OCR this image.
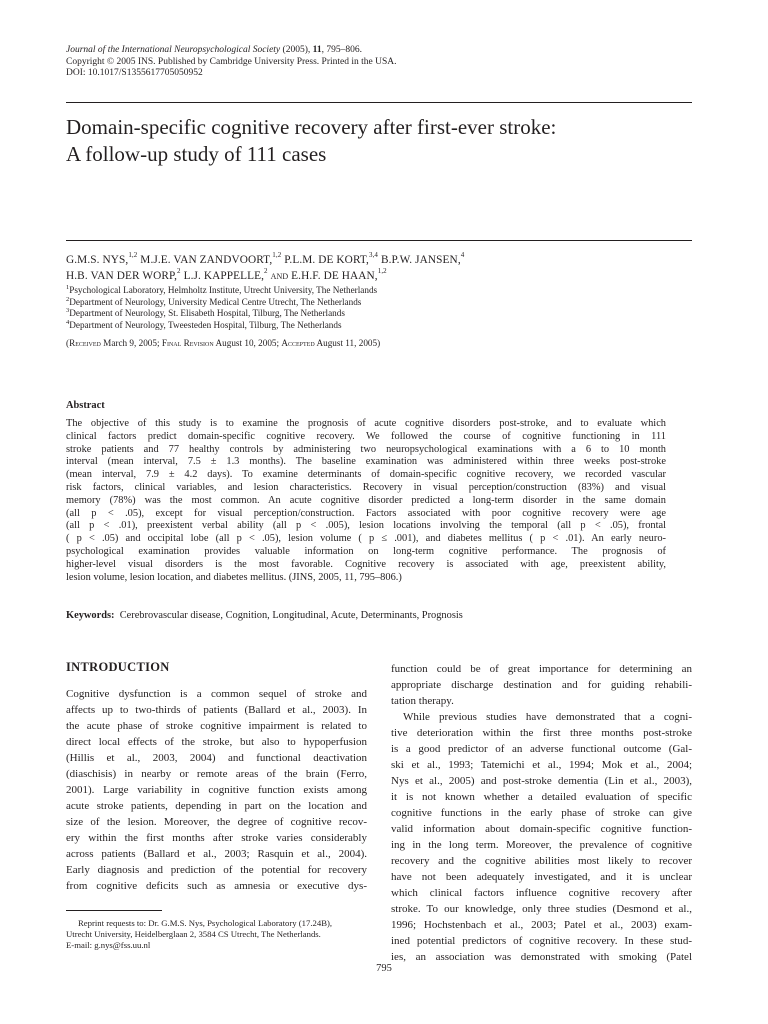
Journal of the International Neuropsychological Society (2005), 11, 795–806.
Copyright © 2005 INS. Published by Cambridge University Press. Printed in the USA.
DOI: 10.1017/S1355617705050952
Domain-specific cognitive recovery after first-ever stroke:
A follow-up study of 111 cases
G.M.S. NYS,$^{1,2}$ M.J.E. VAN ZANDVOORT,$^{1,2}$ P.L.M. DE KORT,$^{3,4}$ B.P.W. JANSEN,$^4$
H.B. VAN DER WORP,$^2$ L.J. KAPPELLE,$^2$ and E.H.F. DE HAAN,$^{1,2}$
$^1$Psychological Laboratory, Helmholtz Institute, Utrecht University, The Netherlands
$^2$Department of Neurology, University Medical Centre Utrecht, The Netherlands
$^3$Department of Neurology, St. Elisabeth Hospital, Tilburg, The Netherlands
$^4$Department of Neurology, Tweesteden Hospital, Tilburg, The Netherlands
(Received March 9, 2005; Final Revision August 10, 2005; Accepted August 11, 2005)
Abstract
The objective of this study is to examine the prognosis of acute cognitive disorders post-stroke, and to evaluate which
clinical factors predict domain-specific cognitive recovery. We followed the course of cognitive functioning in 111
stroke patients and 77 healthy controls by administering two neuropsychological examinations with a 6 to 10 month
interval (mean interval, 7.5 ± 1.3 months). The baseline examination was administered within three weeks post-stroke
(mean interval, 7.9 ± 4.2 days). To examine determinants of domain-specific cognitive recovery, we recorded vascular
risk factors, clinical variables, and lesion characteristics. Recovery in visual perception/construction (83%) and visual
memory (78%) was the most common. An acute cognitive disorder predicted a long-term disorder in the same domain
(all p < .05), except for visual perception/construction. Factors associated with poor cognitive recovery were age
(all p < .01), preexistent verbal ability (all p < .005), lesion locations involving the temporal (all p < .05), frontal
( p < .05) and occipital lobe (all p < .05), lesion volume ( p ≤ .001), and diabetes mellitus ( p < .01). An early neuro-
psychological examination provides valuable information on long-term cognitive performance. The prognosis of
higher-level visual disorders is the most favorable. Cognitive recovery is associated with age, preexistent ability,
lesion volume, lesion location, and diabetes mellitus. (JINS, 2005, 11, 795–806.)
Keywords: Cerebrovascular disease, Cognition, Longitudinal, Acute, Determinants, Prognosis
INTRODUCTION
Cognitive dysfunction is a common sequel of stroke and
affects up to two-thirds of patients (Ballard et al., 2003). In
the acute phase of stroke cognitive impairment is related to
direct local effects of the stroke, but also to hypoperfusion
(Hillis et al., 2003, 2004) and functional deactivation
(diaschisis) in nearby or remote areas of the brain (Ferro,
2001). Large variability in cognitive function exists among
acute stroke patients, depending in part on the location and
size of the lesion. Moreover, the degree of cognitive recov-
ery within the first months after stroke varies considerably
across patients (Ballard et al., 2003; Rasquin et al., 2004).
Early diagnosis and prediction of the potential for recovery
from cognitive deficits such as amnesia or executive dys-
function could be of great importance for determining an
appropriate discharge destination and for guiding rehabili-
tation therapy.
While previous studies have demonstrated that a cogni-
tive deterioration within the first three months post-stroke
is a good predictor of an adverse functional outcome (Gal-
ski et al., 1993; Tatemichi et al., 1994; Mok et al., 2004;
Nys et al., 2005) and post-stroke dementia (Lin et al., 2003),
it is not known whether a detailed evaluation of specific
cognitive functions in the early phase of stroke can give
valid information about domain-specific cognitive function-
ing in the long term. Moreover, the prevalence of cognitive
recovery and the cognitive abilities most likely to recover
have not been adequately investigated, and it is unclear
which clinical factors influence cognitive recovery after
stroke. To our knowledge, only three studies (Desmond et al.,
1996; Hochstenbach et al., 2003; Patel et al., 2003) exam-
ined potential predictors of cognitive recovery. In these stud-
ies, an association was demonstrated with smoking (Patel
Reprint requests to: Dr. G.M.S. Nys, Psychological Laboratory (17.24B),
Utrecht University, Heidelberglaan 2, 3584 CS Utrecht, The Netherlands.
E-mail: g.nys@fss.uu.nl
795
